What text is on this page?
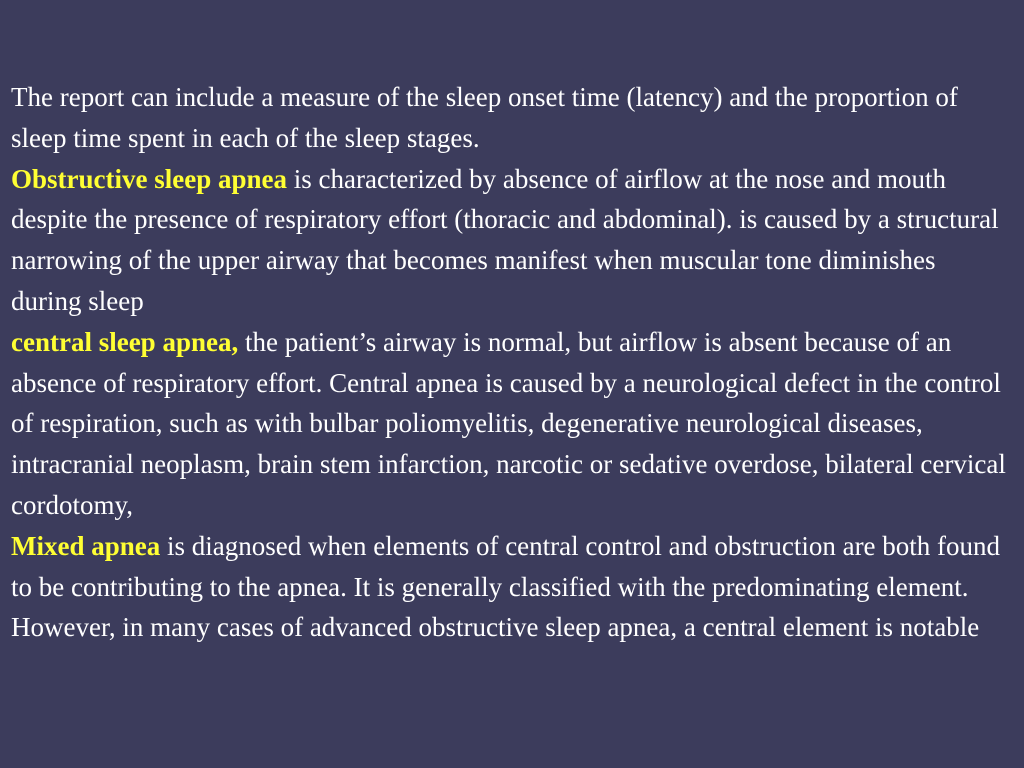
The report can include a measure of the sleep onset time (latency) and the proportion of sleep time spent in each of the sleep stages.

Obstructive sleep apnea is characterized by absence of airflow at the nose and mouth despite the presence of respiratory effort (thoracic and abdominal). is caused by a structural narrowing of the upper airway that becomes manifest when muscular tone diminishes during sleep

central sleep apnea, the patient’s airway is normal, but airflow is absent because of an absence of respiratory effort. Central apnea is caused by a neurological defect in the control of respiration, such as with bulbar poliomyelitis, degenerative neurological diseases, intracranial neoplasm, brain stem infarction, narcotic or sedative overdose, bilateral cervical cordotomy,

Mixed apnea is diagnosed when elements of central control and obstruction are both found to be contributing to the apnea. It is generally classified with the predominating element. However, in many cases of advanced obstructive sleep apnea, a central element is notable
